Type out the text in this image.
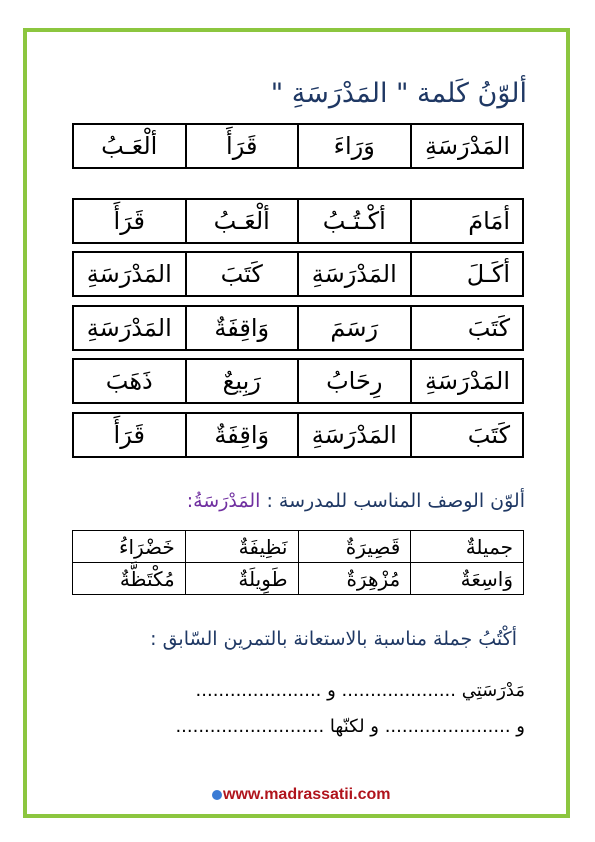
ألوّنُ كَلمة " المَدْرَسَةِ "
المَدْرَسَةِ	وَرَاءَ	قَرَأَ	ألْعَـبُ
أمَامَ	أكْـتُـبُ	ألْعَـبُ	قَرَأَ
أكَـلَ	المَدْرَسَةِ	كَتَبَ	المَدْرَسَةِ
كَتَبَ	رَسَمَ	وَاقِفَةٌ	المَدْرَسَةِ
المَدْرَسَةِ	رِحَابُ	رَبِيعٌ	ذَهَبَ
كَتَبَ	المَدْرَسَةِ	وَاقِفَةٌ	قَرَأَ
ألوّن الوصف المناسب للمدرسة : المَدْرَسَةُ:
جميلةٌ	قَصِيرَةٌ	نَظِيفَةٌ	خَضْرَاءُ
وَاسِعَةٌ	مُزْهِرَةٌ	طَوِيلَةٌ	مُكْتَظَّةٌ
أكْتُبُ جملة مناسبة بالاستعانة بالتمرين السّابق :
مَدْرَسَتِي .................... و ......................
و ...................... و لكنّها ..........................
www.madrassatii.com
